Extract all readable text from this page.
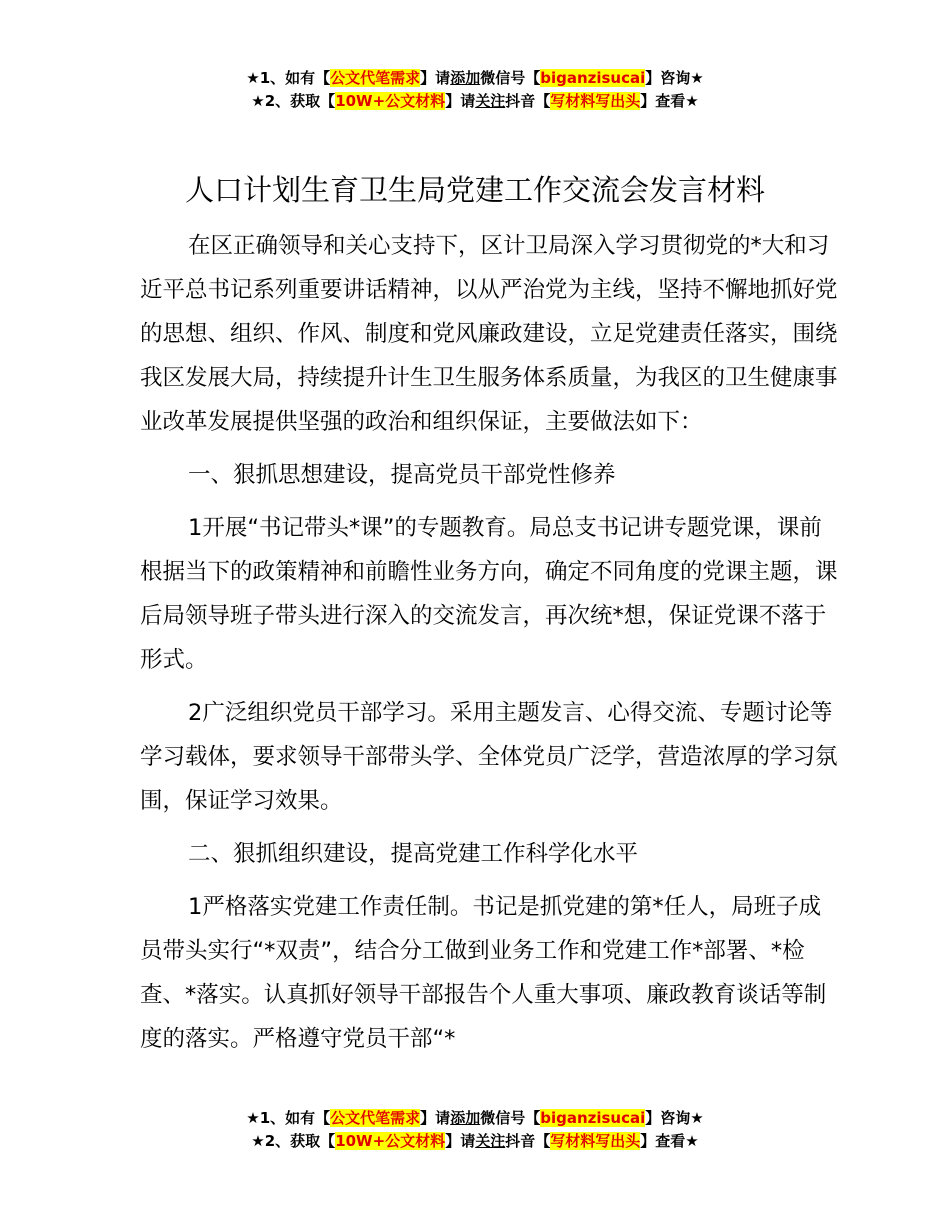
★1、如有【公文代笔需求】请添加微信号【biganzisucai】咨询★
★2、获取【10W+公文材料】请关注抖音【写材料写出头】查看★
人口计划生育卫生局党建工作交流会发言材料

在区正确领导和关心支持下，区计卫局深入学习贯彻党的*大和习近平总书记系列重要讲话精神，以从严治党为主线，坚持不懈地抓好党的思想、组织、作风、制度和党风廉政建设，立足党建责任落实，围绕我区发展大局，持续提升计生卫生服务体系质量，为我区的卫生健康事业改革发展提供坚强的政治和组织保证，主要做法如下：

一、狠抓思想建设，提高党员干部党性修养

1开展“书记带头*课”的专题教育。局总支书记讲专题党课，课前根据当下的政策精神和前瞻性业务方向，确定不同角度的党课主题，课后局领导班子带头进行深入的交流发言，再次统*想，保证党课不落于形式。

2广泛组织党员干部学习。采用主题发言、心得交流、专题讨论等学习载体，要求领导干部带头学、全体党员广泛学，营造浓厚的学习氛围，保证学习效果。

二、狠抓组织建设，提高党建工作科学化水平

1严格落实党建工作责任制。书记是抓党建的第*任人，局班子成员带头实行“*双责”，结合分工做到业务工作和党建工作*部署、*检查、*落实。认真抓好领导干部报告个人重大事项、廉政教育谈话等制度的落实。严格遵守党员干部“*

★1、如有【公文代笔需求】请添加微信号【biganzisucai】咨询★
★2、获取【10W+公文材料】请关注抖音【写材料写出头】查看★
